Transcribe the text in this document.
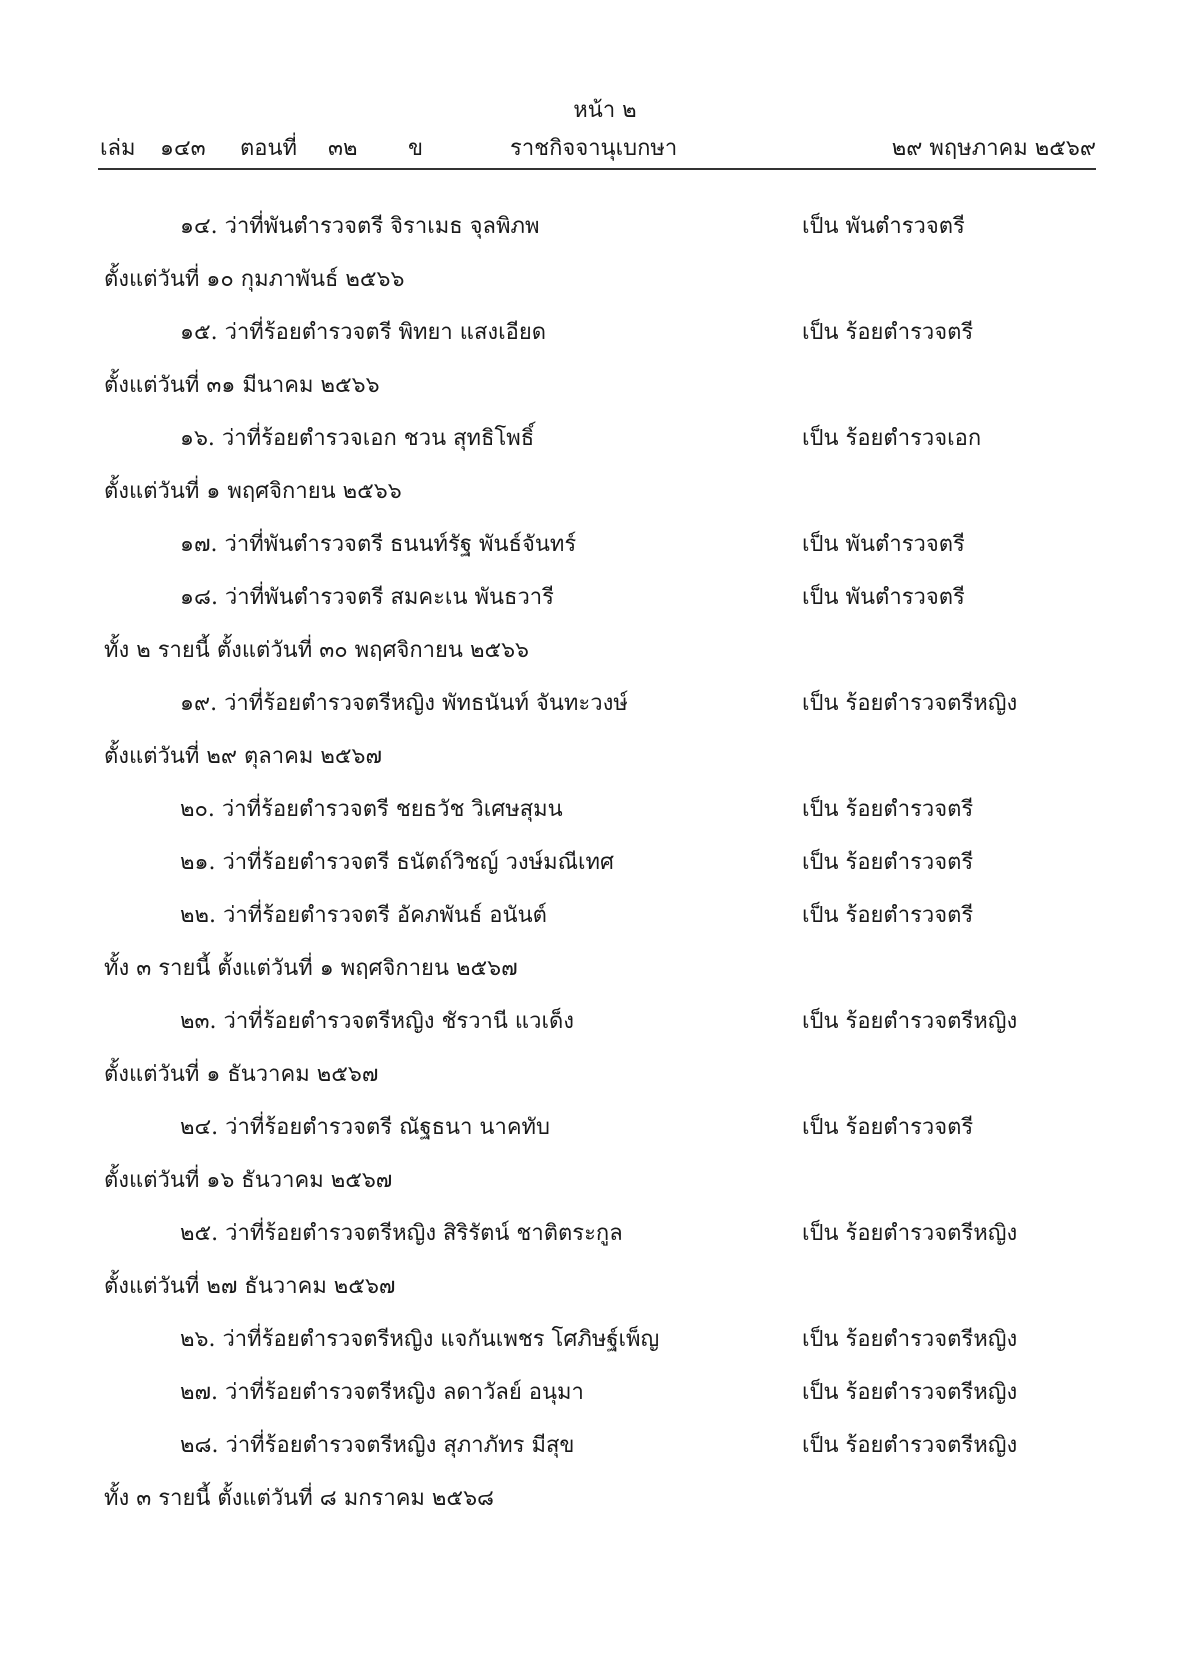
หน้า ๒
เล่ม ๑๔๓ ตอนที่ ๓๒ ข	ราชกิจจานุเบกษา	๒๙ พฤษภาคม ๒๕๖๙
๑๔. ว่าที่พันตำรวจตรี จิราเมธ จุลพิภพ	เป็น พันตำรวจตรี
ตั้งแต่วันที่ ๑๐ กุมภาพันธ์ ๒๕๖๖
๑๕. ว่าที่ร้อยตำรวจตรี พิทยา แสงเอียด	เป็น ร้อยตำรวจตรี
ตั้งแต่วันที่ ๓๑ มีนาคม ๒๕๖๖
๑๖. ว่าที่ร้อยตำรวจเอก ชวน สุทธิโพธิ์	เป็น ร้อยตำรวจเอก
ตั้งแต่วันที่ ๑ พฤศจิกายน ๒๕๖๖
๑๗. ว่าที่พันตำรวจตรี ธนนท์รัฐ พันธ์จันทร์	เป็น พันตำรวจตรี
๑๘. ว่าที่พันตำรวจตรี สมคะเน พันธวารี	เป็น พันตำรวจตรี
ทั้ง ๒ รายนี้ ตั้งแต่วันที่ ๓๐ พฤศจิกายน ๒๕๖๖
๑๙. ว่าที่ร้อยตำรวจตรีหญิง พัทธนันท์ จันทะวงษ์	เป็น ร้อยตำรวจตรีหญิง
ตั้งแต่วันที่ ๒๙ ตุลาคม ๒๕๖๗
๒๐. ว่าที่ร้อยตำรวจตรี ชยธวัช วิเศษสุมน	เป็น ร้อยตำรวจตรี
๒๑. ว่าที่ร้อยตำรวจตรี ธนัตถ์วิชญ์ วงษ์มณีเทศ	เป็น ร้อยตำรวจตรี
๒๒. ว่าที่ร้อยตำรวจตรี อัคภพันธ์ อนันต์	เป็น ร้อยตำรวจตรี
ทั้ง ๓ รายนี้ ตั้งแต่วันที่ ๑ พฤศจิกายน ๒๕๖๗
๒๓. ว่าที่ร้อยตำรวจตรีหญิง ชัรวานี แวเด็ง	เป็น ร้อยตำรวจตรีหญิง
ตั้งแต่วันที่ ๑ ธันวาคม ๒๕๖๗
๒๔. ว่าที่ร้อยตำรวจตรี ณัฐธนา นาคทับ	เป็น ร้อยตำรวจตรี
ตั้งแต่วันที่ ๑๖ ธันวาคม ๒๕๖๗
๒๕. ว่าที่ร้อยตำรวจตรีหญิง สิริรัตน์ ชาติตระกูล	เป็น ร้อยตำรวจตรีหญิง
ตั้งแต่วันที่ ๒๗ ธันวาคม ๒๕๖๗
๒๖. ว่าที่ร้อยตำรวจตรีหญิง แจกันเพชร โศภิษฐ์เพ็ญ	เป็น ร้อยตำรวจตรีหญิง
๒๗. ว่าที่ร้อยตำรวจตรีหญิง ลดาวัลย์ อนุมา	เป็น ร้อยตำรวจตรีหญิง
๒๘. ว่าที่ร้อยตำรวจตรีหญิง สุภาภัทร มีสุข	เป็น ร้อยตำรวจตรีหญิง
ทั้ง ๓ รายนี้ ตั้งแต่วันที่ ๘ มกราคม ๒๕๖๘
